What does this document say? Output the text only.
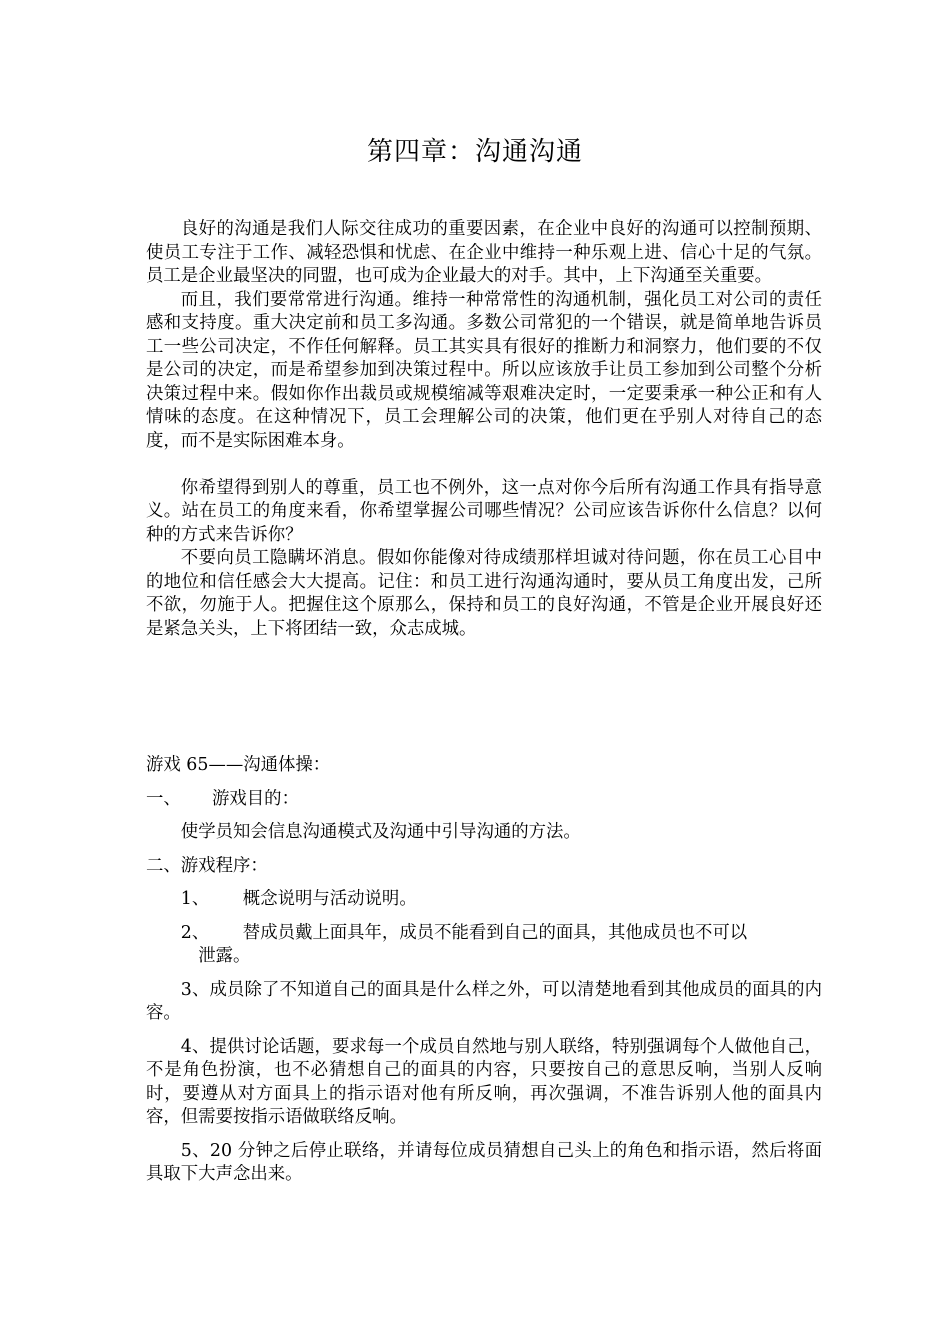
第四章：沟通沟通

良好的沟通是我们人际交往成功的重要因素，在企业中良好的沟通可以控制预期、使员工专注于工作、减轻恐惧和忧虑、在企业中维持一种乐观上进、信心十足的气氛。员工是企业最坚决的同盟，也可成为企业最大的对手。其中，上下沟通至关重要。

而且，我们要常常进行沟通。维持一种常常性的沟通机制，强化员工对公司的责任感和支持度。重大决定前和员工多沟通。多数公司常犯的一个错误，就是简单地告诉员工一些公司决定，不作任何解释。员工其实具有很好的推断力和洞察力，他们要的不仅是公司的决定，而是希望参加到决策过程中。所以应该放手让员工参加到公司整个分析决策过程中来。假如你作出裁员或规模缩减等艰难决定时，一定要秉承一种公正和有人情味的态度。在这种情况下，员工会理解公司的决策，他们更在乎别人对待自己的态度，而不是实际困难本身。

你希望得到别人的尊重，员工也不例外，这一点对你今后所有沟通工作具有指导意义。站在员工的角度来看，你希望掌握公司哪些情况？公司应该告诉你什么信息？以何种的方式来告诉你？

不要向员工隐瞒坏消息。假如你能像对待成绩那样坦诚对待问题，你在员工心目中的地位和信任感会大大提高。记住：和员工进行沟通沟通时，要从员工角度出发，己所不欲，勿施于人。把握住这个原那么，保持和员工的良好沟通，不管是企业开展良好还是紧急关头，上下将团结一致，众志成城。

游戏 65——沟通体操：

一、 游戏目的：

使学员知会信息沟通模式及沟通中引导沟通的方法。

二、游戏程序：

1、 概念说明与活动说明。

2、 替成员戴上面具年，成员不能看到自己的面具，其他成员也不可以
泄露。

3、成员除了不知道自己的面具是什么样之外，可以清楚地看到其他成员的面具的内容。

4、提供讨论话题，要求每一个成员自然地与别人联络，特别强调每个人做他自己，不是角色扮演，也不必猜想自己的面具的内容，只要按自己的意思反响，当别人反响时，要遵从对方面具上的指示语对他有所反响，再次强调，不准告诉别人他的面具内容，但需要按指示语做联络反响。

5、20 分钟之后停止联络，并请每位成员猜想自己头上的角色和指示语，然后将面具取下大声念出来。
